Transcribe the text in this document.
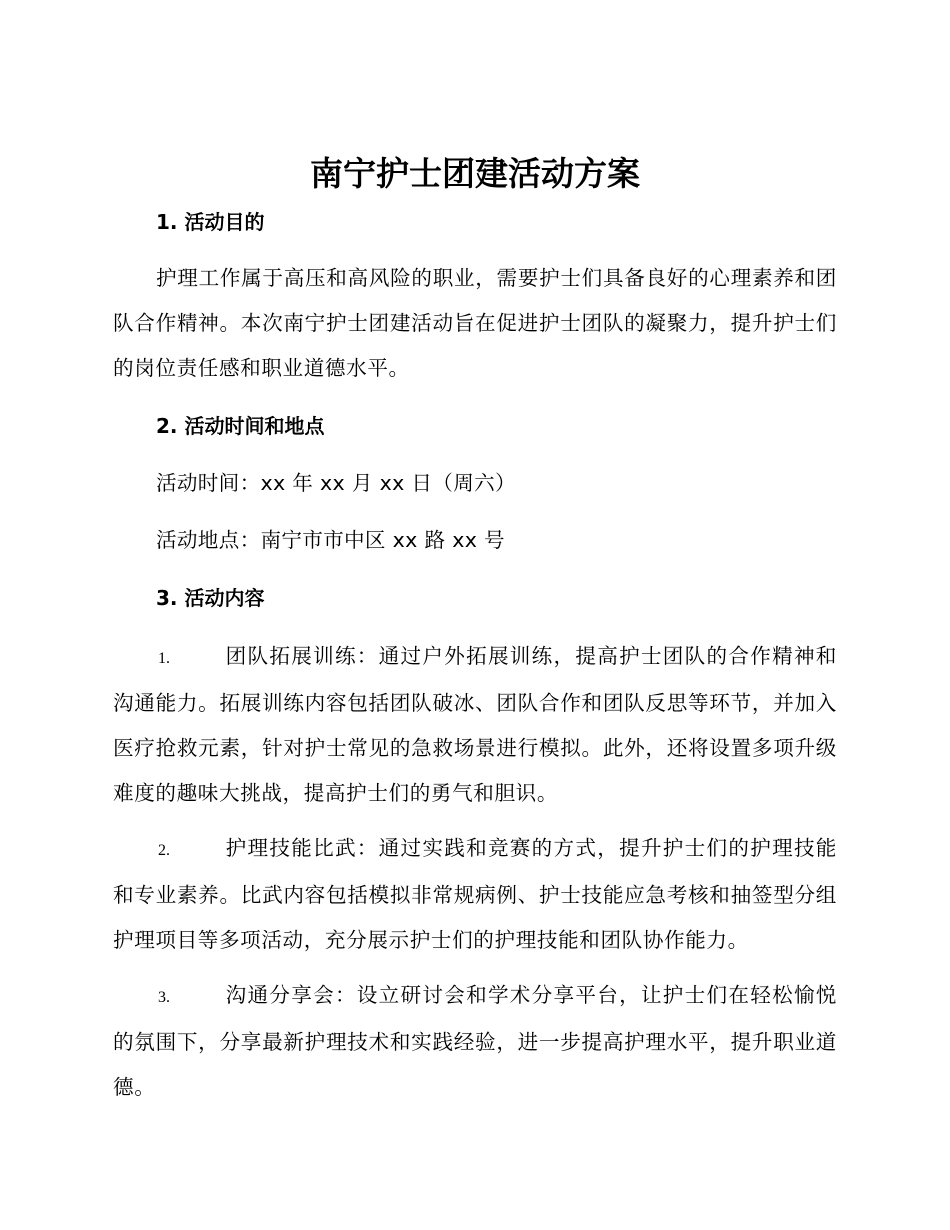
南宁护士团建活动方案
1. 活动目的
护理工作属于高压和高风险的职业，需要护士们具备良好的心理素养和团队合作精神。本次南宁护士团建活动旨在促进护士团队的凝聚力，提升护士们的岗位责任感和职业道德水平。
2. 活动时间和地点
活动时间：xx 年 xx 月 xx 日（周六）
活动地点：南宁市市中区 xx 路 xx 号
3. 活动内容
1 .	团队拓展训练：通过户外拓展训练，提高护士团队的合作精神和沟通能力。拓展训练内容包括团队破冰、团队合作和团队反思等环节，并加入医疗抢救元素，针对护士常见的急救场景进行模拟。此外，还将设置多项升级难度的趣味大挑战，提高护士们的勇气和胆识。
2 .	护理技能比武：通过实践和竞赛的方式，提升护士们的护理技能和专业素养。比武内容包括模拟非常规病例、护士技能应急考核和抽签型分组护理项目等多项活动，充分展示护士们的护理技能和团队协作能力。
3 .	沟通分享会：设立研讨会和学术分享平台，让护士们在轻松愉悦的氛围下，分享最新护理技术和实践经验，进一步提高护理水平，提升职业道德。
